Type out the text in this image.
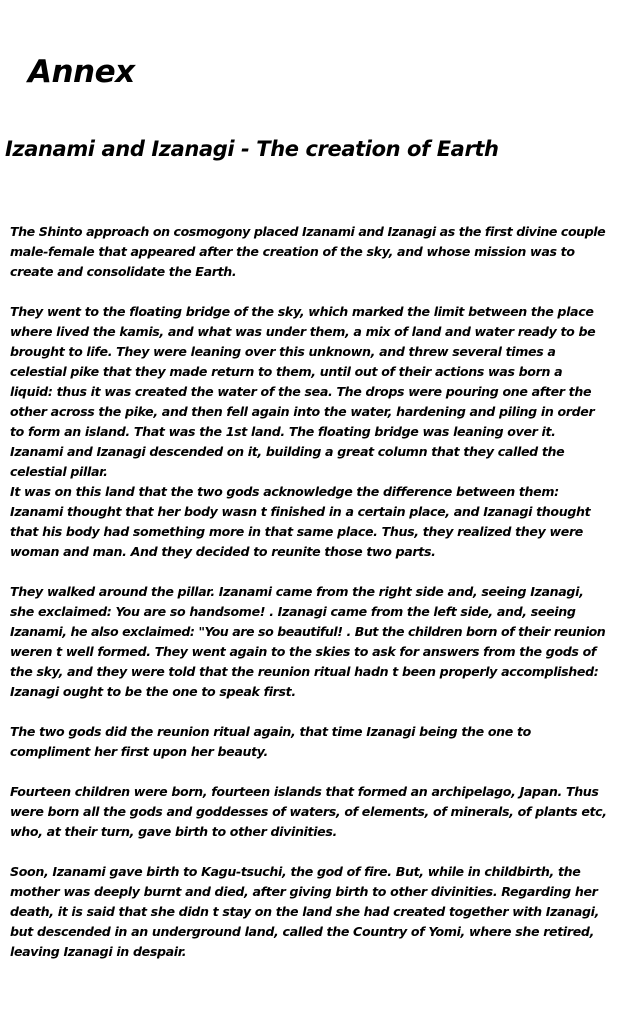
Annex
Izanami and Izanagi - The creation of Earth

The Shinto approach on cosmogony placed Izanami and Izanagi as the first divine couple
male-female that appeared after the creation of the sky, and whose mission was to
create and consolidate the Earth.

They went to the floating bridge of the sky, which marked the limit between the place
where lived the kamis, and what was under them, a mix of land and water ready to be
brought to life. They were leaning over this unknown, and threw several times a
celestial pike that they made return to them, until out of their actions was born a
liquid: thus it was created the water of the sea. The drops were pouring one after the
other across the pike, and then fell again into the water, hardening and piling in order
to form an island. That was the 1st land. The floating bridge was leaning over it.
Izanami and Izanagi descended on it, building a great column that they called the
celestial pillar.

It was on this land that the two gods acknowledge the difference between them:
Izanami thought that her body wasn t finished in a certain place, and Izanagi thought
that his body had something more in that same place. Thus, they realized they were
woman and man. And they decided to reunite those two parts.

They walked around the pillar. Izanami came from the right side and, seeing Izanagi,
she exclaimed: You are so handsome! . Izanagi came from the left side, and, seeing
Izanami, he also exclaimed: "You are so beautiful! . But the children born of their reunion
weren t well formed. They went again to the skies to ask for answers from the gods of
the sky, and they were told that the reunion ritual hadn t been properly accomplished:
Izanagi ought to be the one to speak first.

The two gods did the reunion ritual again, that time Izanagi being the one to
compliment her first upon her beauty.

Fourteen children were born, fourteen islands that formed an archipelago, Japan. Thus
were born all the gods and goddesses of waters, of elements, of minerals, of plants etc,
who, at their turn, gave birth to other divinities.

Soon, Izanami gave birth to Kagu-tsuchi, the god of fire. But, while in childbirth, the
mother was deeply burnt and died, after giving birth to other divinities. Regarding her
death, it is said that she didn t stay on the land she had created together with Izanagi,
but descended in an underground land, called the Country of Yomi, where she retired,
leaving Izanagi in despair.
